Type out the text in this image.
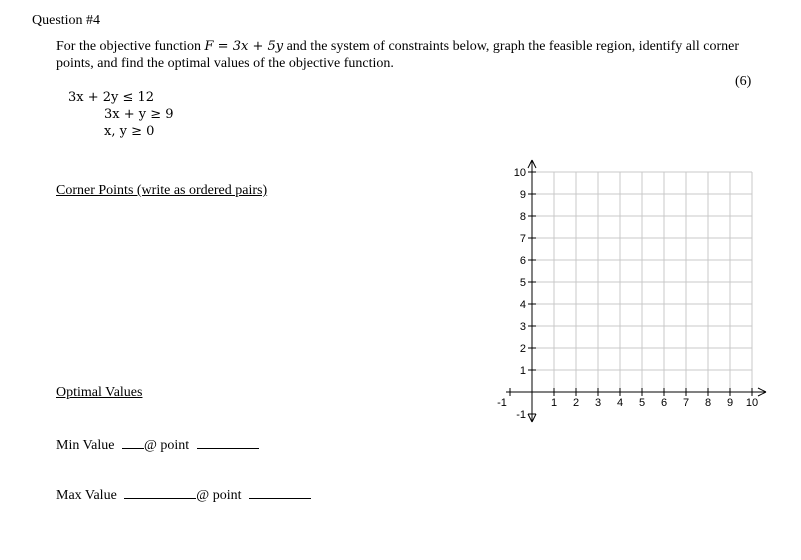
Question #4
For the objective function F = 3x + 5y and the system of constraints below, graph the feasible region, identify all corner points, and find the optimal values of the objective function.
(6)
3x + 2y ≤ 12
3x + y ≥ 9
x, y ≥ 0
Corner Points (write as ordered pairs)
Optimal Values
Min Value @ point
Max Value	@ point
-1	1 2 3 4 5 6 7 8 9 10
10
9
8
7
6
5
4
3
2
1
-1
